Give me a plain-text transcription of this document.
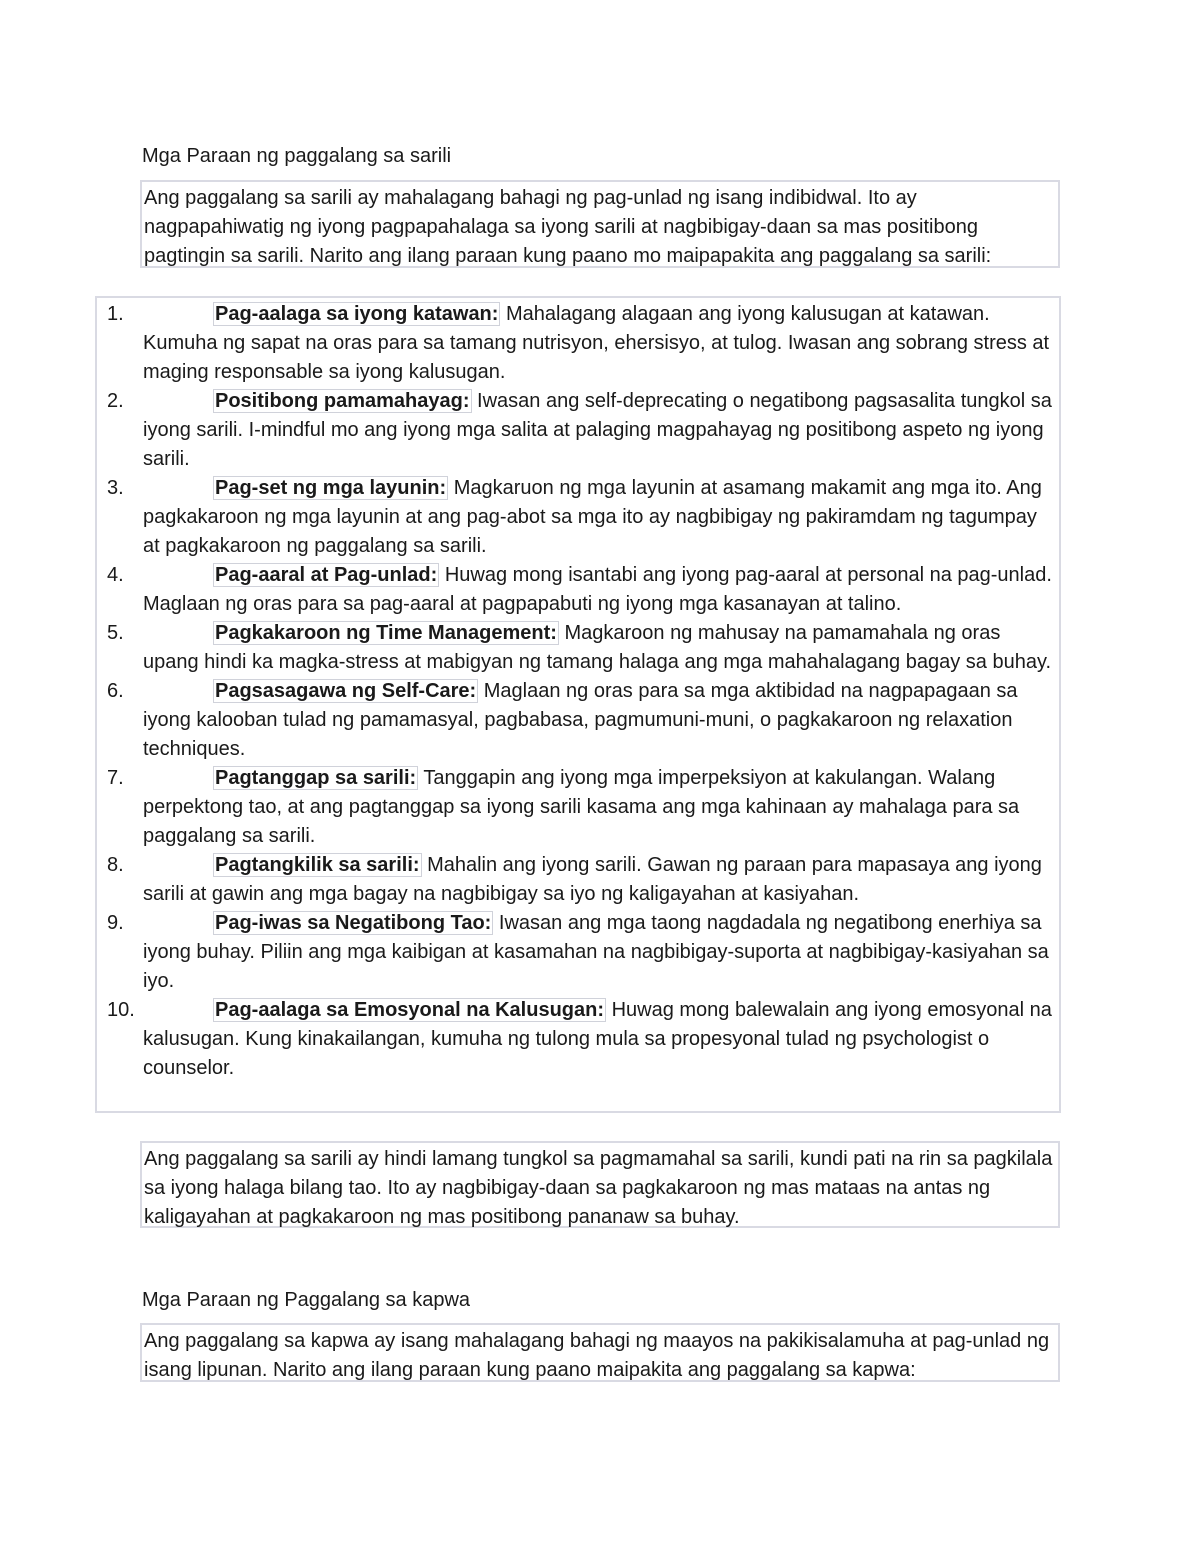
Mga Paraan ng paggalang sa sarili

Ang paggalang sa sarili ay mahalagang bahagi ng pag-unlad ng isang indibidwal. Ito ay nagpapahiwatig ng iyong pagpapahalaga sa iyong sarili at nagbibigay-daan sa mas positibong pagtingin sa sarili. Narito ang ilang paraan kung paano mo maipapakita ang paggalang sa sarili:

1.	Pag-aalaga sa iyong katawan: Mahalagang alagaan ang iyong kalusugan at katawan. Kumuha ng sapat na oras para sa tamang nutrisyon, ehersisyo, at tulog. Iwasan ang sobrang stress at maging responsable sa iyong kalusugan.
2.	Positibong pamamahayag: Iwasan ang self-deprecating o negatibong pagsasalita tungkol sa iyong sarili. I-mindful mo ang iyong mga salita at palaging magpahayag ng positibong aspeto ng iyong sarili.
3.	Pag-set ng mga layunin: Magkaruon ng mga layunin at asamang makamit ang mga ito. Ang pagkakaroon ng mga layunin at ang pag-abot sa mga ito ay nagbibigay ng pakiramdam ng tagumpay at pagkakaroon ng paggalang sa sarili.
4.	Pag-aaral at Pag-unlad: Huwag mong isantabi ang iyong pag-aaral at personal na pag-unlad. Maglaan ng oras para sa pag-aaral at pagpapabuti ng iyong mga kasanayan at talino.
5.	Pagkakaroon ng Time Management: Magkaroon ng mahusay na pamamahala ng oras upang hindi ka magka-stress at mabigyan ng tamang halaga ang mga mahahalagang bagay sa buhay.
6.	Pagsasagawa ng Self-Care: Maglaan ng oras para sa mga aktibidad na nagpapagaan sa iyong kalooban tulad ng pamamasyal, pagbabasa, pagmumuni-muni, o pagkakaroon ng relaxation techniques.
7.	Pagtanggap sa sarili: Tanggapin ang iyong mga imperpeksiyon at kakulangan. Walang perpektong tao, at ang pagtanggap sa iyong sarili kasama ang mga kahinaan ay mahalaga para sa paggalang sa sarili.
8.	Pagtangkilik sa sarili: Mahalin ang iyong sarili. Gawan ng paraan para mapasaya ang iyong sarili at gawin ang mga bagay na nagbibigay sa iyo ng kaligayahan at kasiyahan.
9.	Pag-iwas sa Negatibong Tao: Iwasan ang mga taong nagdadala ng negatibong enerhiya sa iyong buhay. Piliin ang mga kaibigan at kasamahan na nagbibigay-suporta at nagbibigay-kasiyahan sa iyo.
10.	Pag-aalaga sa Emosyonal na Kalusugan: Huwag mong balewalain ang iyong emosyonal na kalusugan. Kung kinakailangan, kumuha ng tulong mula sa propesyonal tulad ng psychologist o counselor.

Ang paggalang sa sarili ay hindi lamang tungkol sa pagmamahal sa sarili, kundi pati na rin sa pagkilala sa iyong halaga bilang tao. Ito ay nagbibigay-daan sa pagkakaroon ng mas mataas na antas ng kaligayahan at pagkakaroon ng mas positibong pananaw sa buhay.

Mga Paraan ng Paggalang sa kapwa

Ang paggalang sa kapwa ay isang mahalagang bahagi ng maayos na pakikisalamuha at pag-unlad ng isang lipunan. Narito ang ilang paraan kung paano maipakita ang paggalang sa kapwa:
